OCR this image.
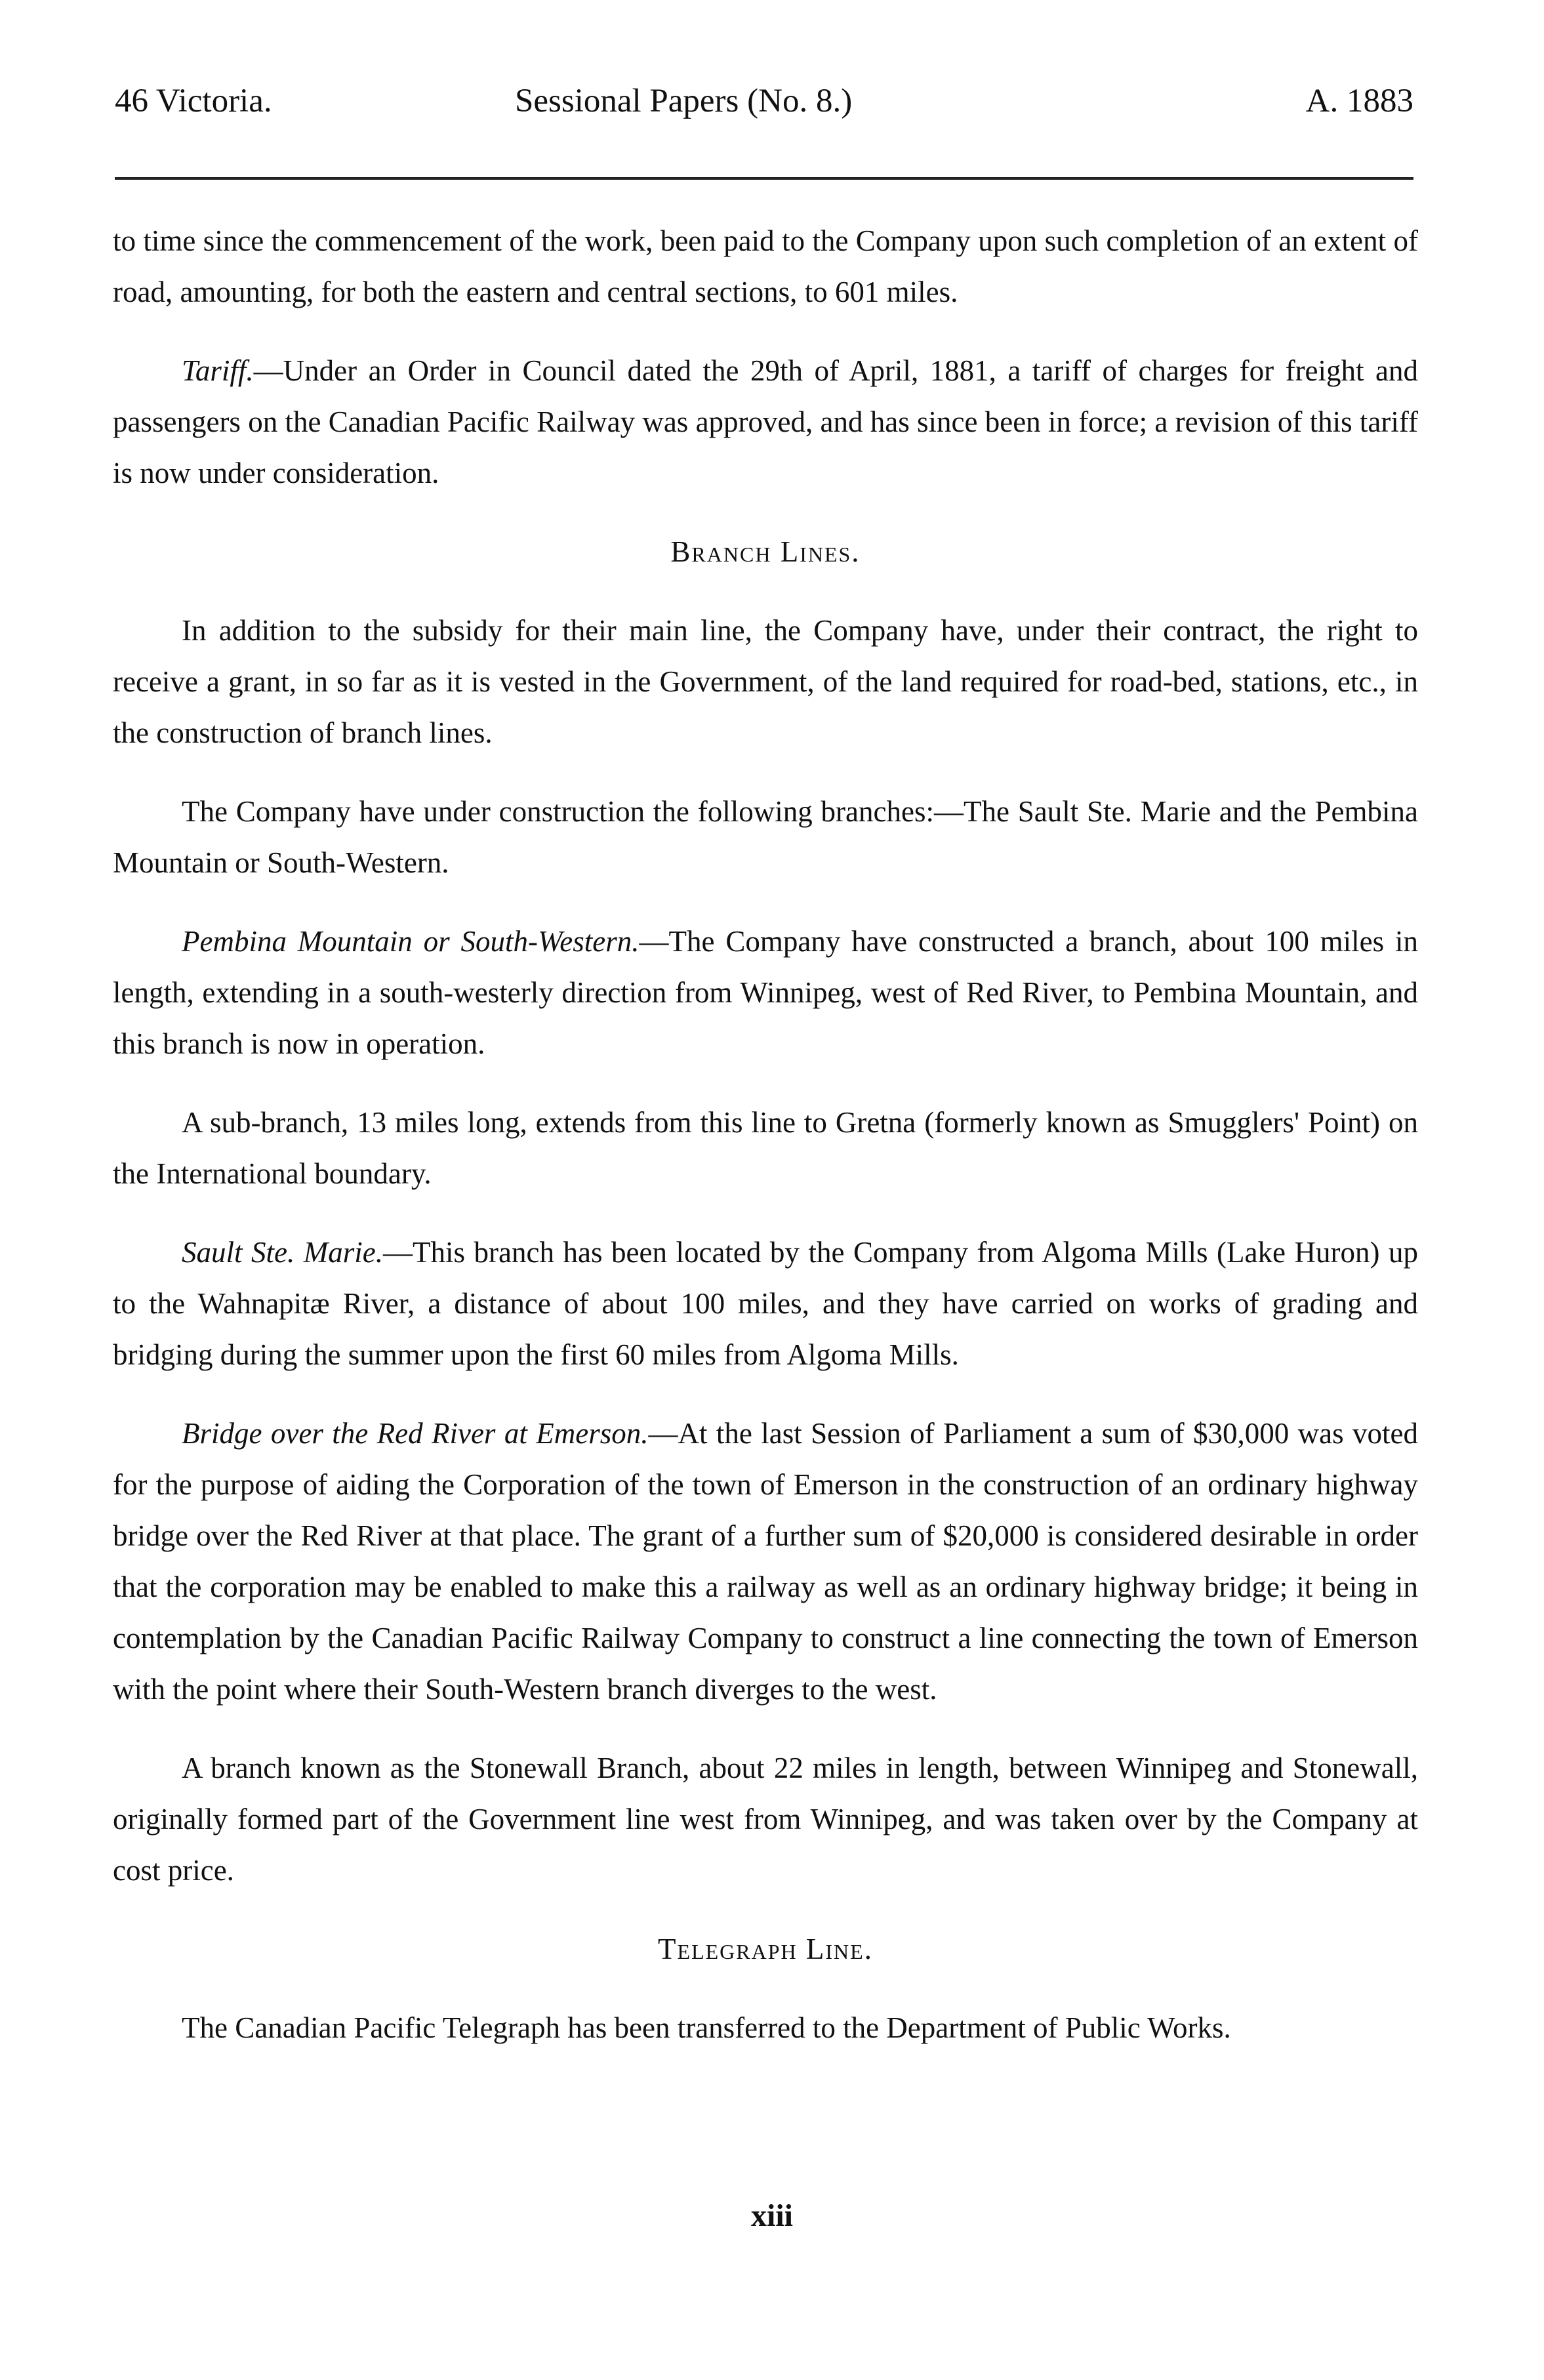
46 Victoria.	Sessional Papers (No. 8.)	A. 1883

to time since the commencement of the work, been paid to the Company upon such completion of an extent of road, amounting, for both the eastern and central sections, to 601 miles.

Tariff.—Under an Order in Council dated the 29th of April, 1881, a tariff of charges for freight and passengers on the Canadian Pacific Railway was approved, and has since been in force; a revision of this tariff is now under consideration.

Branch Lines.

In addition to the subsidy for their main line, the Company have, under their contract, the right to receive a grant, in so far as it is vested in the Government, of the land required for road-bed, stations, etc., in the construction of branch lines.

The Company have under construction the following branches:—The Sault Ste. Marie and the Pembina Mountain or South-Western.

Pembina Mountain or South-Western.—The Company have constructed a branch, about 100 miles in length, extending in a south-westerly direction from Winnipeg, west of Red River, to Pembina Mountain, and this branch is now in operation.

A sub-branch, 13 miles long, extends from this line to Gretna (formerly known as Smugglers' Point) on the International boundary.

Sault Ste. Marie.—This branch has been located by the Company from Algoma Mills (Lake Huron) up to the Wahnapitæ River, a distance of about 100 miles, and they have carried on works of grading and bridging during the summer upon the first 60 miles from Algoma Mills.

Bridge over the Red River at Emerson.—At the last Session of Parliament a sum of $30,000 was voted for the purpose of aiding the Corporation of the town of Emerson in the construction of an ordinary highway bridge over the Red River at that place. The grant of a further sum of $20,000 is considered desirable in order that the corporation may be enabled to make this a railway as well as an ordinary highway bridge; it being in contemplation by the Canadian Pacific Railway Company to construct a line connecting the town of Emerson with the point where their South-Western branch diverges to the west.

A branch known as the Stonewall Branch, about 22 miles in length, between Winnipeg and Stonewall, originally formed part of the Government line west from Winnipeg, and was taken over by the Company at cost price.

Telegraph Line.

The Canadian Pacific Telegraph has been transferred to the Department of Public Works.

xiii
